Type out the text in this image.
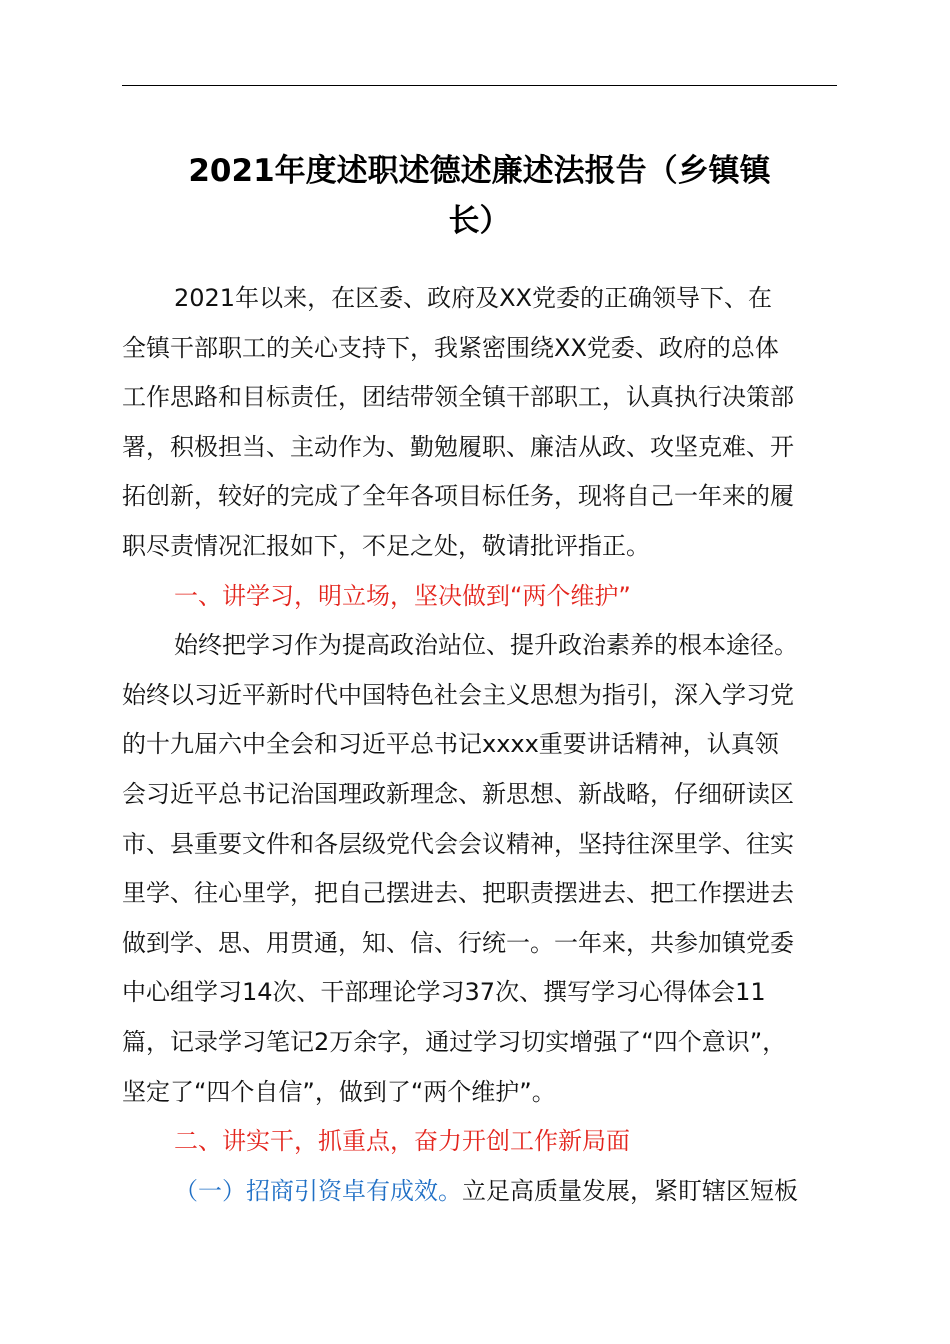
2021年度述职述德述廉述法报告（乡镇镇
长）
2021年以来，在区委、政府及XX党委的正确领导下、在
全镇干部职工的关心支持下，我紧密围绕XX党委、政府的总体
工作思路和目标责任，团结带领全镇干部职工，认真执行决策部
署，积极担当、主动作为、勤勉履职、廉洁从政、攻坚克难、开
拓创新，较好的完成了全年各项目标任务，现将自己一年来的履
职尽责情况汇报如下，不足之处，敬请批评指正。
一、讲学习，明立场，坚决做到“两个维护”
始终把学习作为提高政治站位、提升政治素养的根本途径。
始终以习近平新时代中国特色社会主义思想为指引，深入学习党
的十九届六中全会和习近平总书记xxxx重要讲话精神，认真领
会习近平总书记治国理政新理念、新思想、新战略，仔细研读区
市、县重要文件和各层级党代会会议精神，坚持往深里学、往实
里学、往心里学，把自己摆进去、把职责摆进去、把工作摆进去
做到学、思、用贯通，知、信、行统一。一年来，共参加镇党委
中心组学习14次、干部理论学习37次、撰写学习心得体会11
篇，记录学习笔记2万余字，通过学习切实增强了“四个意识”，
坚定了“四个自信”，做到了“两个维护”。
二、讲实干，抓重点，奋力开创工作新局面
（一）招商引资卓有成效。立足高质量发展，紧盯辖区短板
